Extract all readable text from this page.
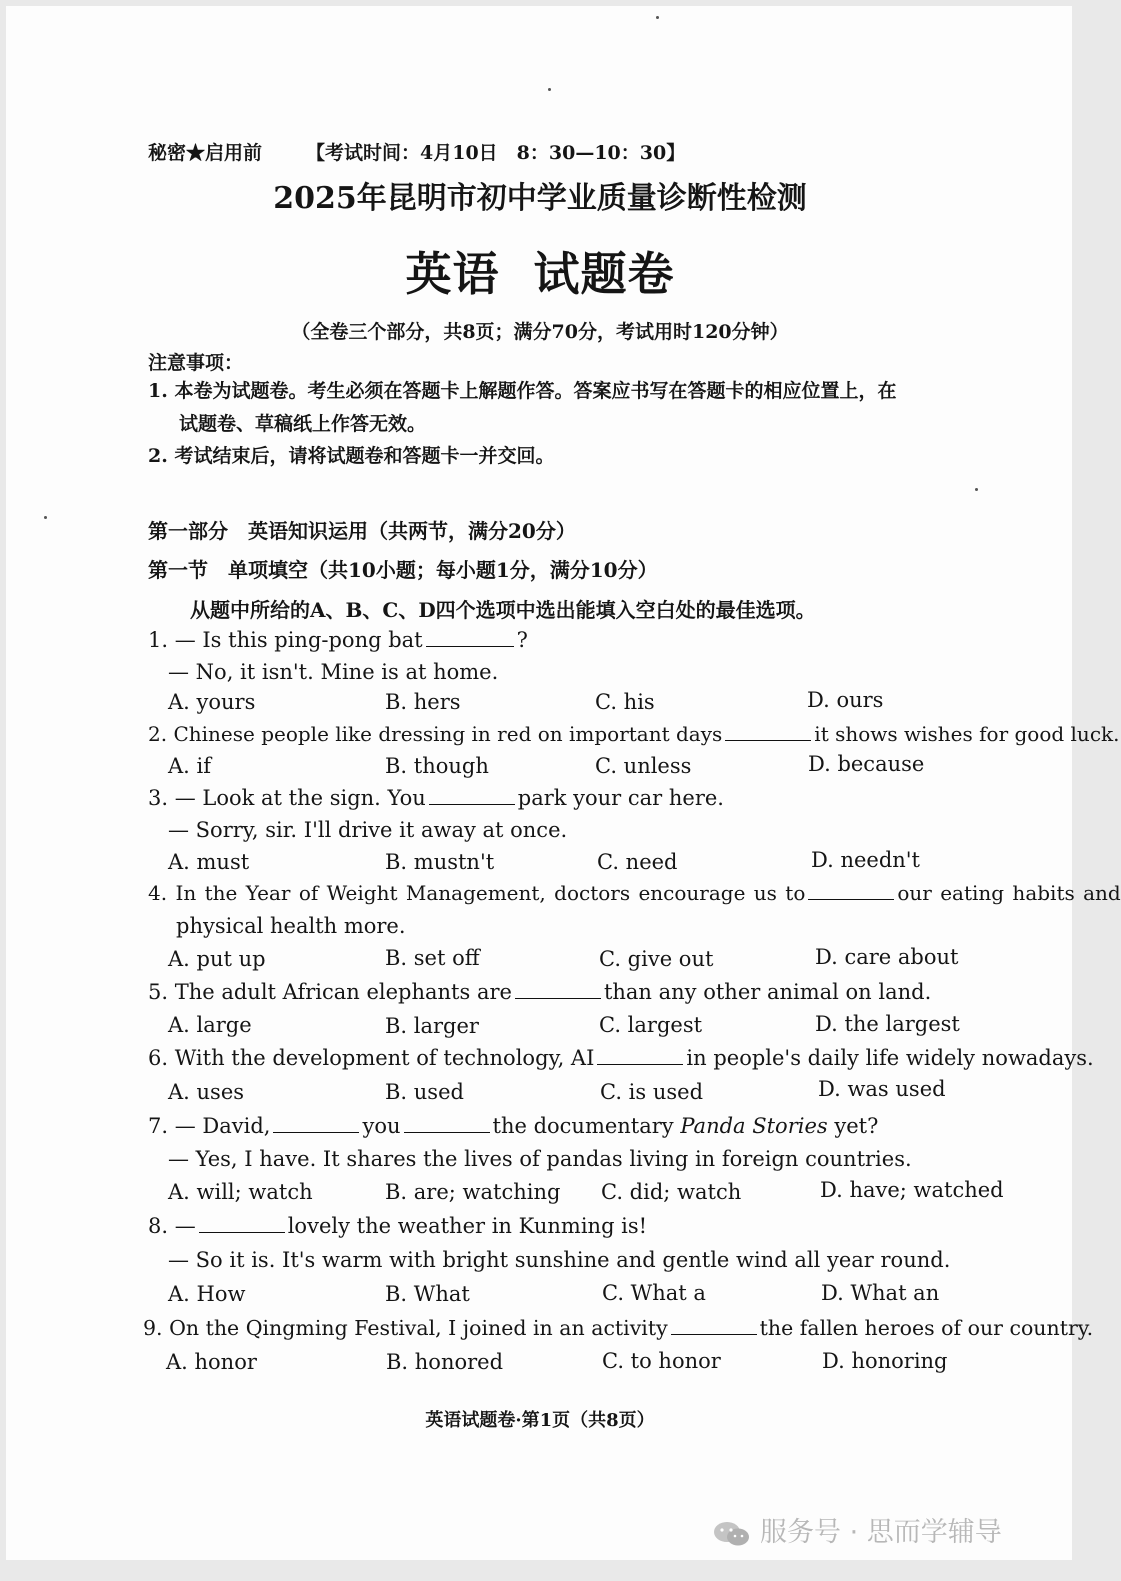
秘密★启用前 【考试时间：4月10日　8：30—10：30】
2025年昆明市初中学业质量诊断性检测
英语  试题卷
（全卷三个部分，共8页；满分70分，考试用时120分钟）
注意事项：
1. 本卷为试题卷。考生必须在答题卡上解题作答。答案应书写在答题卡的相应位置上，在
试题卷、草稿纸上作答无效。
2. 考试结束后，请将试题卷和答题卡一并交回。
第一部分　英语知识运用（共两节，满分20分）
第一节　单项填空（共10小题；每小题1分，满分10分）
从题中所给的A、B、C、D四个选项中选出能填入空白处的最佳选项。
1. — Is this ping-pong bat	?
— No, it isn't. Mine is at home.
A. yours	B. hers	C. his	D. ours
2. Chinese people like dressing in red on important days	it shows wishes for good luck.
A. if	B. though	C. unless	D. because
3. — Look at the sign. You	park your car here.
— Sorry, sir. I'll drive it away at once.
A. must	B. mustn't	C. need	D. needn't
4. In the Year of Weight Management, doctors encourage us to	our eating habits and
physical health more.
A. put up	B. set off	C. give out	D. care about
5. The adult African elephants are	than any other animal on land.
A. large	B. larger	C. largest	D. the largest
6. With the development of technology, AI	in people's daily life widely nowadays.
A. uses	B. used	C. is used	D. was used
7. — David,	you	the documentary Panda Stories yet?
— Yes, I have. It shares the lives of pandas living in foreign countries.
A. will; watch	B. are; watching C. did; watch	D. have; watched
8. —	lovely the weather in Kunming is!
— So it is. It's warm with bright sunshine and gentle wind all year round.
A. How	B. What	C. What a	D. What an
9. On the Qingming Festival, I joined in an activity	the fallen heroes of our country.
A. honor	B. honored	C. to honor	D. honoring
英语试题卷·第1页（共8页）
服务号 · 思而学辅导
